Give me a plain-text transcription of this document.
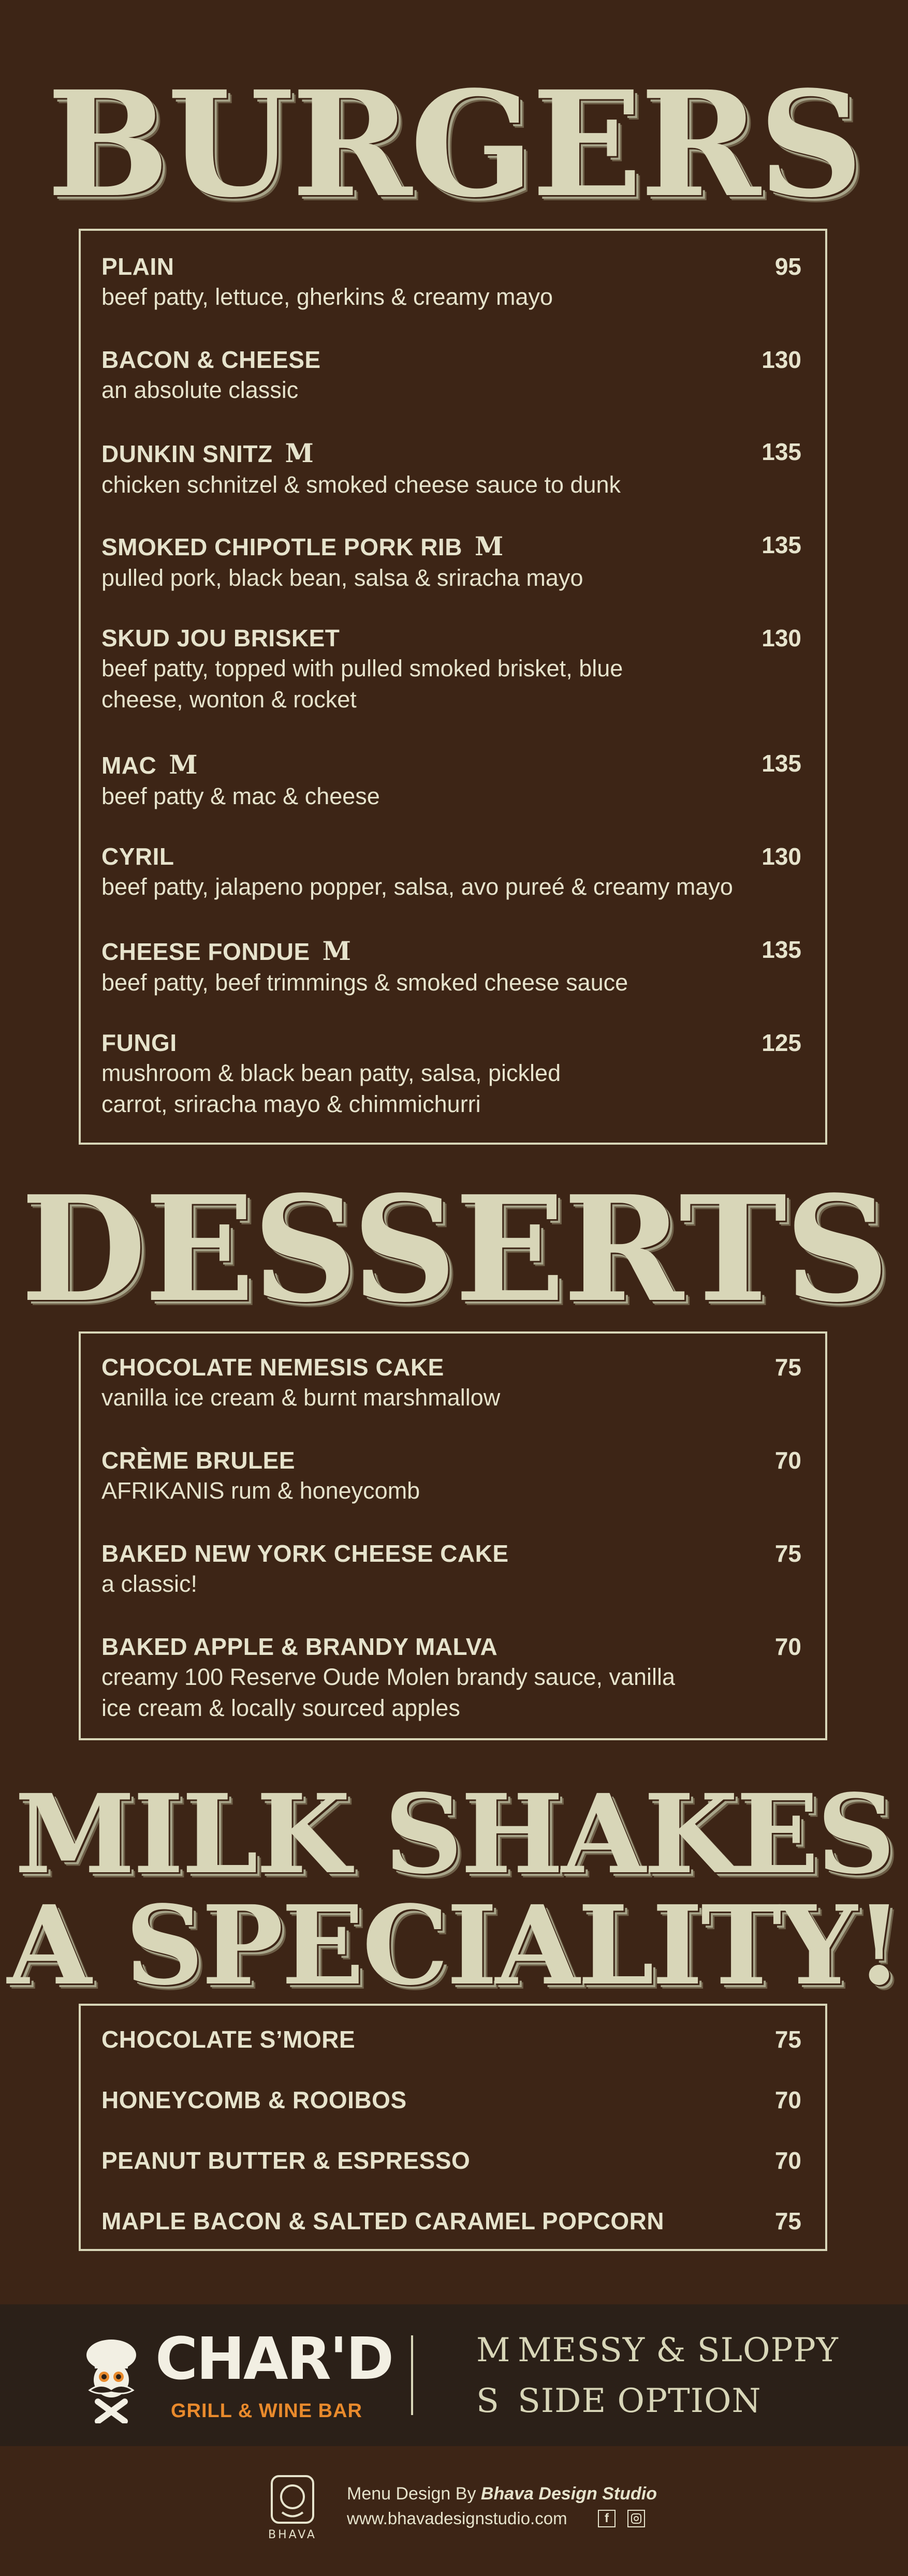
BURGERS
PLAIN	95
beef patty, lettuce, gherkins & creamy mayo
BACON & CHEESE	130
an absolute classic
DUNKIN SNITZ M	135
chicken schnitzel & smoked cheese sauce to dunk
SMOKED CHIPOTLE PORK RIB M	135
pulled pork, black bean, salsa & sriracha mayo
SKUD JOU BRISKET	130
beef patty, topped with pulled smoked brisket, blue cheese, wonton & rocket
MAC M	135
beef patty & mac & cheese
CYRIL	130
beef patty, jalapeno popper, salsa, avo pureé & creamy mayo
CHEESE FONDUE M	135
beef patty, beef trimmings & smoked cheese sauce
FUNGI	125
mushroom & black bean patty, salsa, pickled carrot, sriracha mayo & chimmichurri
DESSERTS
CHOCOLATE NEMESIS CAKE	75
vanilla ice cream & burnt marshmallow
CRÈME BRULEE	70
AFRIKANIS rum & honeycomb
BAKED NEW YORK CHEESE CAKE	75
a classic!
BAKED APPLE & BRANDY MALVA	70
creamy 100 Reserve Oude Molen brandy sauce, vanilla ice cream & locally sourced apples
MILK SHAKES
A SPECIALITY!
CHOCOLATE S’MORE	75
HONEYCOMB & ROOIBOS	70
PEANUT BUTTER & ESPRESSO	70
MAPLE BACON & SALTED CARAMEL POPCORN	75
CHAR'D
GRILL & WINE BAR
M MESSY & SLOPPY
S SIDE OPTION
BHAVA
Menu Design By Bhava Design Studio
www.bhavadesignstudio.com	f
